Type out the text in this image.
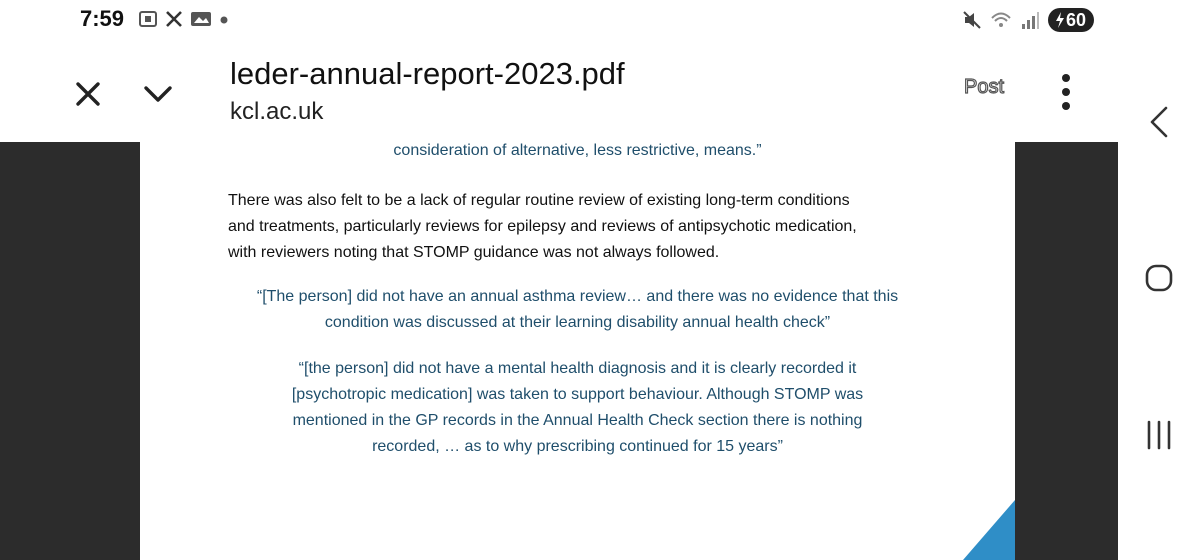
7:59	60
leder-annual-report-2023.pdf
kcl.ac.uk
Post
consideration of alternative, less restrictive, means.”
There was also felt to be a lack of regular routine review of existing long-term conditions
and treatments, particularly reviews for epilepsy and reviews of antipsychotic medication,
with reviewers noting that STOMP guidance was not always followed.
“[The person] did not have an annual asthma review… and there was no evidence that this
condition was discussed at their learning disability annual health check”
“[the person] did not have a mental health diagnosis and it is clearly recorded it
[psychotropic medication] was taken to support behaviour. Although STOMP was
mentioned in the GP records in the Annual Health Check section there is nothing
recorded, … as to why prescribing continued for 15 years”
